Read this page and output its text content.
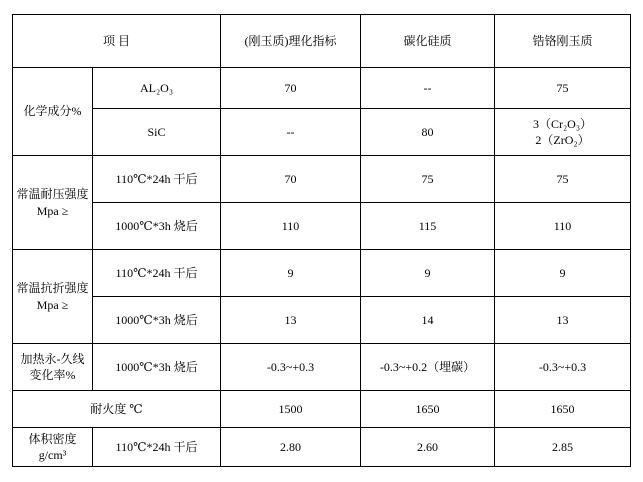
项 目		(刚玉质)理化指标	碳化硅质	锆铬刚玉质
化学成分%	AL₂O₃	70	--	75
	SiC	--	80	3（Cr₂O₃）
2（ZrO₂）

常温耐压强度
Mpa ≥	110℃*24h 干后	70	75	75
	1000℃*3h 烧后	110	115	110

常温抗折强度
Mpa ≥	110℃*24h 干后	9	9	9
	1000℃*3h 烧后	13	14	13

加热永-久线
变化率%	1000℃*3h 烧后	-0.3~+0.3	-0.3~+0.2（埋碳）	-0.3~+0.3
耐火度 ℃		1500	1650	1650
体积密度 g/cm³	110℃*24h 干后	2.80	2.60	2.85
